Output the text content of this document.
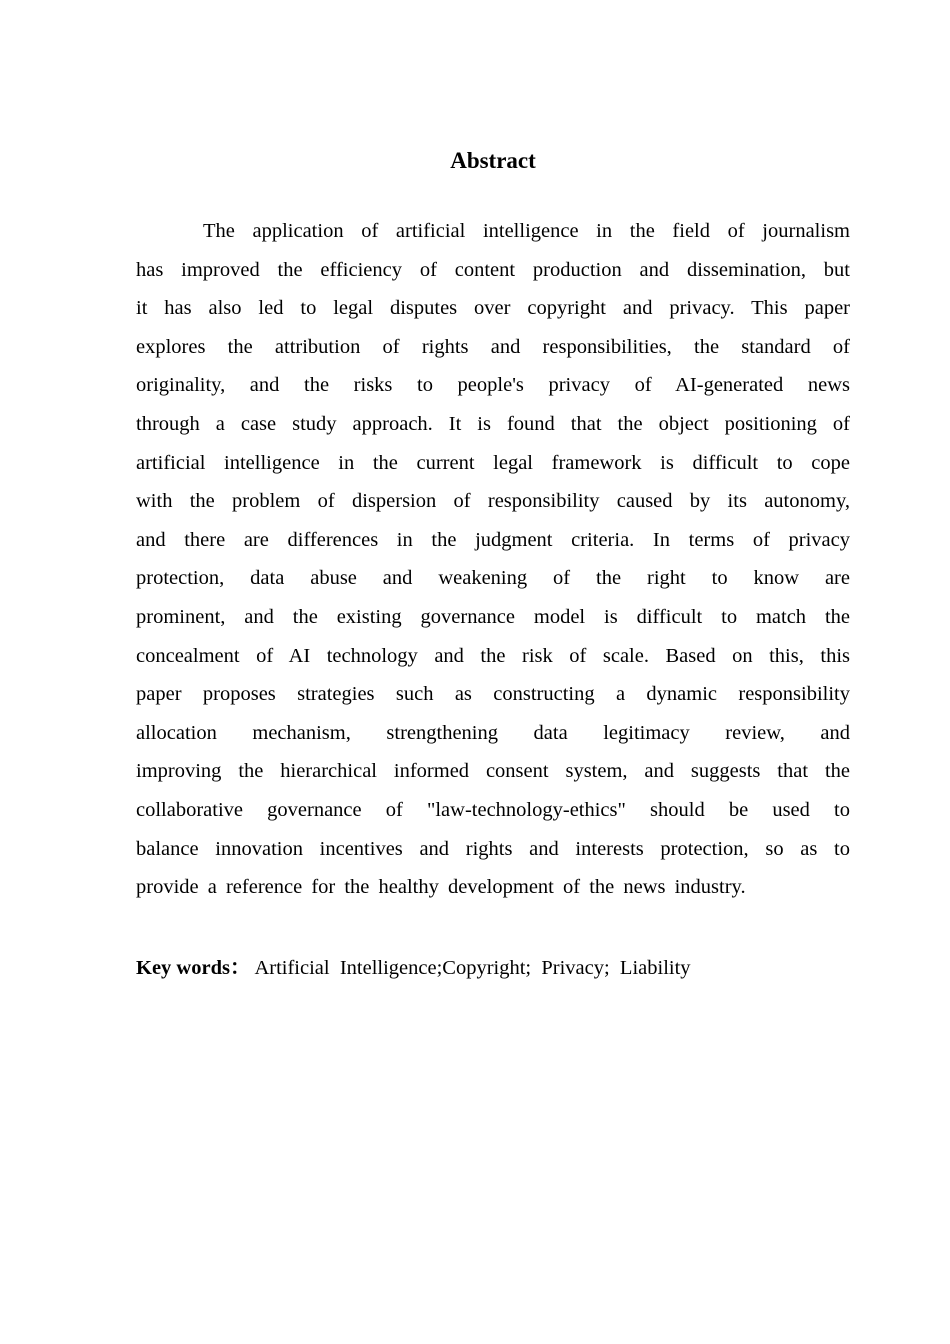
Abstract
The application of artificial intelligence in the field of journalism
has improved the efficiency of content production and dissemination, but
it has also led to legal disputes over copyright and privacy. This paper
explores the attribution of rights and responsibilities, the standard of
originality, and the risks to people's privacy of AI-generated news
through a case study approach. It is found that the object positioning of
artificial intelligence in the current legal framework is difficult to cope
with the problem of dispersion of responsibility caused by its autonomy,
and there are differences in the judgment criteria. In terms of privacy
protection, data abuse and weakening of the right to know are
prominent, and the existing governance model is difficult to match the
concealment of AI technology and the risk of scale. Based on this, this
paper proposes strategies such as constructing a dynamic responsibility
allocation mechanism, strengthening data legitimacy review, and
improving the hierarchical informed consent system, and suggests that the
collaborative governance of "law-technology-ethics" should be used to
balance innovation incentives and rights and interests protection, so as to
provide a reference for the healthy development of the news industry.
Key words： Artificial  Intelligence;Copyright;  Privacy;  Liability
